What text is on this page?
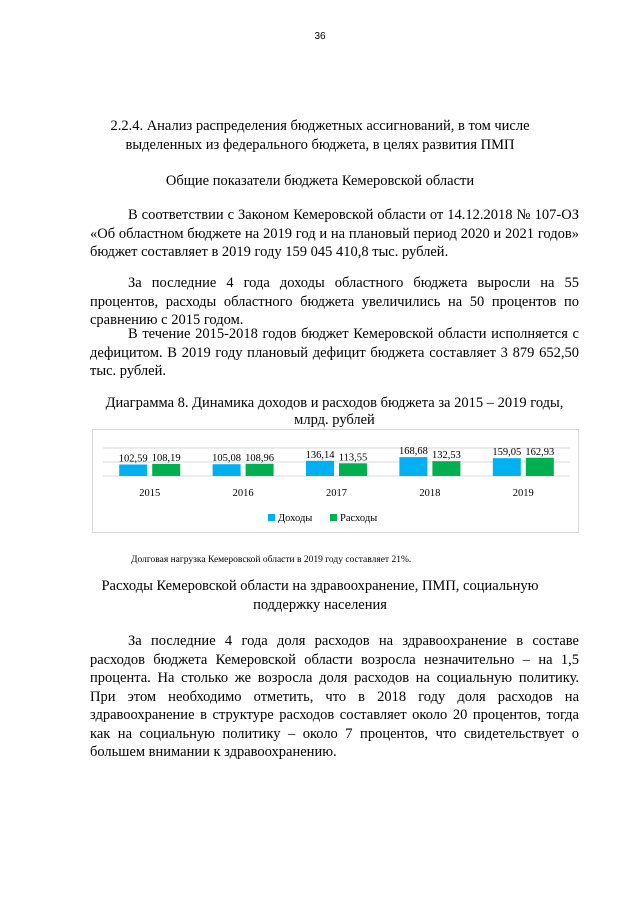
36
2.2.4. Анализ распределения бюджетных ассигнований, в том числе выделенных из федерального бюджета, в целях развития ПМП
Общие показатели бюджета Кемеровской области

В соответствии с Законом Кемеровской области от 14.12.2018 № 107-ОЗ «Об областном бюджете на 2019 год и на плановый период 2020 и 2021 годов» бюджет составляет в 2019 году 159 045 410,8 тыс. рублей.

За последние 4 года доходы областного бюджета выросли на 55 процентов, расходы областного бюджета увеличились на 50 процентов по сравнению с 2015 годом.

В течение 2015-2018 годов бюджет Кемеровской области исполняется с дефицитом. В 2019 году плановый дефицит бюджета составляет 3 879 652,50 тыс. рублей.

Диаграмма 8. Динамика доходов и расходов бюджета за 2015 – 2019 годы, млрд. рублей

102,59 108,19
2015
105,08 108,96
2016
136,14 113,55
2017
168,68 132,53
2018
159,05 162,93
2019
Доходы	Расходы

Долговая нагрузка Кемеровской области в 2019 году составляет 21%.

Расходы Кемеровской области на здравоохранение, ПМП, социальную поддержку населения

За последние 4 года доля расходов на здравоохранение в составе расходов бюджета Кемеровской области возросла незначительно – на 1,5 процента. На столько же возросла доля расходов на социальную политику. При этом необходимо отметить, что в 2018 году доля расходов на здравоохранение в структуре расходов составляет около 20 процентов, тогда как на социальную политику – около 7 процентов, что свидетельствует о большем внимании к здравоохранению.
